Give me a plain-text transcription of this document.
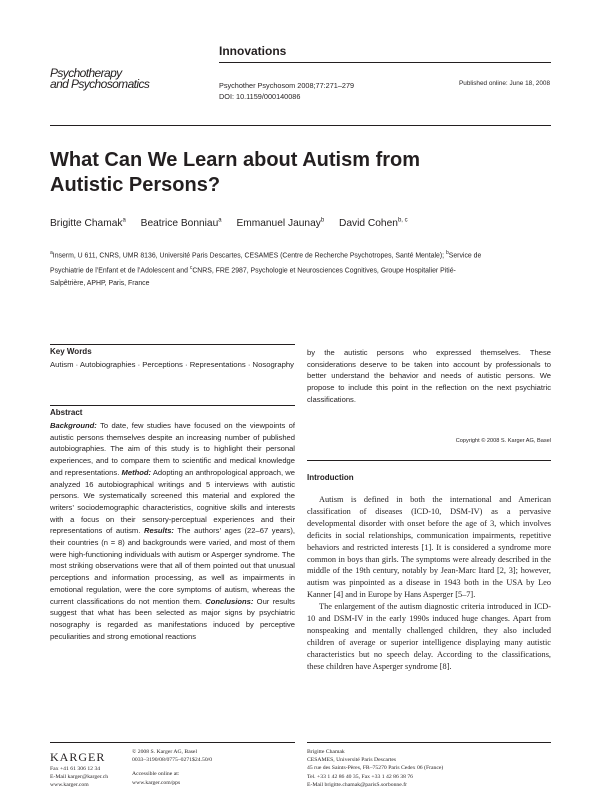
Innovations
Psychotherapy
and Psychosomatics	Psychother Psychosom 2008;77:271–279
DOI: 10.1159/000140086
Published online: June 18, 2008
What Can We Learn about Autism from Autistic Persons?
Brigitte Chamak$^a$ Beatrice Bonniau$^a$ Emmanuel Jaunay$^b$ David Cohen$^{b, c}$
$^a$Inserm, U 611, CNRS, UMR 8136, Université Paris Descartes, CESAMES (Centre de Recherche Psychotropes, Santé Mentale); $^b$Service de Psychiatrie de l’Enfant et de l’Adolescent and $^c$CNRS, FRE 2987, Psychologie et Neurosciences Cognitives, Groupe Hospitalier Pitié-Salpêtrière, APHP, Paris, France
Key Words
Autism · Autobiographies · Perceptions · Representations · Nosography
Abstract
Background: To date, few studies have focused on the viewpoints of autistic persons themselves despite an increasing number of published autobiographies. The aim of this study is to highlight their personal experiences, and to compare them to scientific and medical knowledge and representations. Method: Adopting an anthropological approach, we analyzed 16 autobiographical writings and 5 interviews with autistic persons. We systematically screened this material and explored the writers’ sociodemographic characteristics, cognitive skills and interests with a focus on their sensory-perceptual experiences and their representations of autism. Results: The authors’ ages (22–67 years), their countries (n = 8) and backgrounds were varied, and most of them were high-functioning individuals with autism or Asperger syndrome. The most striking observations were that all of them pointed out that unusual perceptions and information processing, as well as impairments in emotional regulation, were the core symptoms of autism, whereas the current classifications do not mention them. Conclusions: Our results suggest that what has been selected as major signs by psychiatric nosography is regarded as manifestations induced by perceptive peculiarities and strong emotional reactions
by the autistic persons who expressed themselves. These considerations deserve to be taken into account by professionals to better understand the behavior and needs of autistic persons. We propose to include this point in the reflection on the next psychiatric classifications.
Copyright © 2008 S. Karger AG, Basel
Introduction

Autism is defined in both the international and American classification of diseases (ICD-10, DSM-IV) as a pervasive developmental disorder with onset before the age of 3, which involves deficits in social relationships, communication impairments, repetitive behaviors and restricted interests [1]. It is considered a syndrome more common in boys than girls. The symptoms were already described in the middle of the 19th century, notably by Jean-Marc Itard [2, 3]; however, autism was pinpointed as a disease in 1943 both in the USA by Leo Kanner [4] and in Europe by Hans Asperger [5–7].

The enlargement of the autism diagnostic criteria introduced in ICD-10 and DSM-IV in the early 1990s induced huge changes. Apart from nonspeaking and mentally challenged children, they also included children of average or superior intelligence displaying many autistic characteristics but no speech delay. According to the classifications, these children have Asperger syndrome [8].

KARGER
Fax +41 61 306 12 34
E-Mail karger@karger.ch
www.karger.com
© 2008 S. Karger AG, Basel
0033–3190/08/0775–0271$24.50/0
Accessible online at:
www.karger.com/pps
Brigitte Chamak
CESAMES, Université Paris Descartes
45 rue des Saints-Pères, FR–75270 Paris Cedex 06 (France)
Tel. +33 1 42 86 40 35, Fax +33 1 42 86 38 76
E-Mail brigitte.chamak@parisS.sorbonne.fr
